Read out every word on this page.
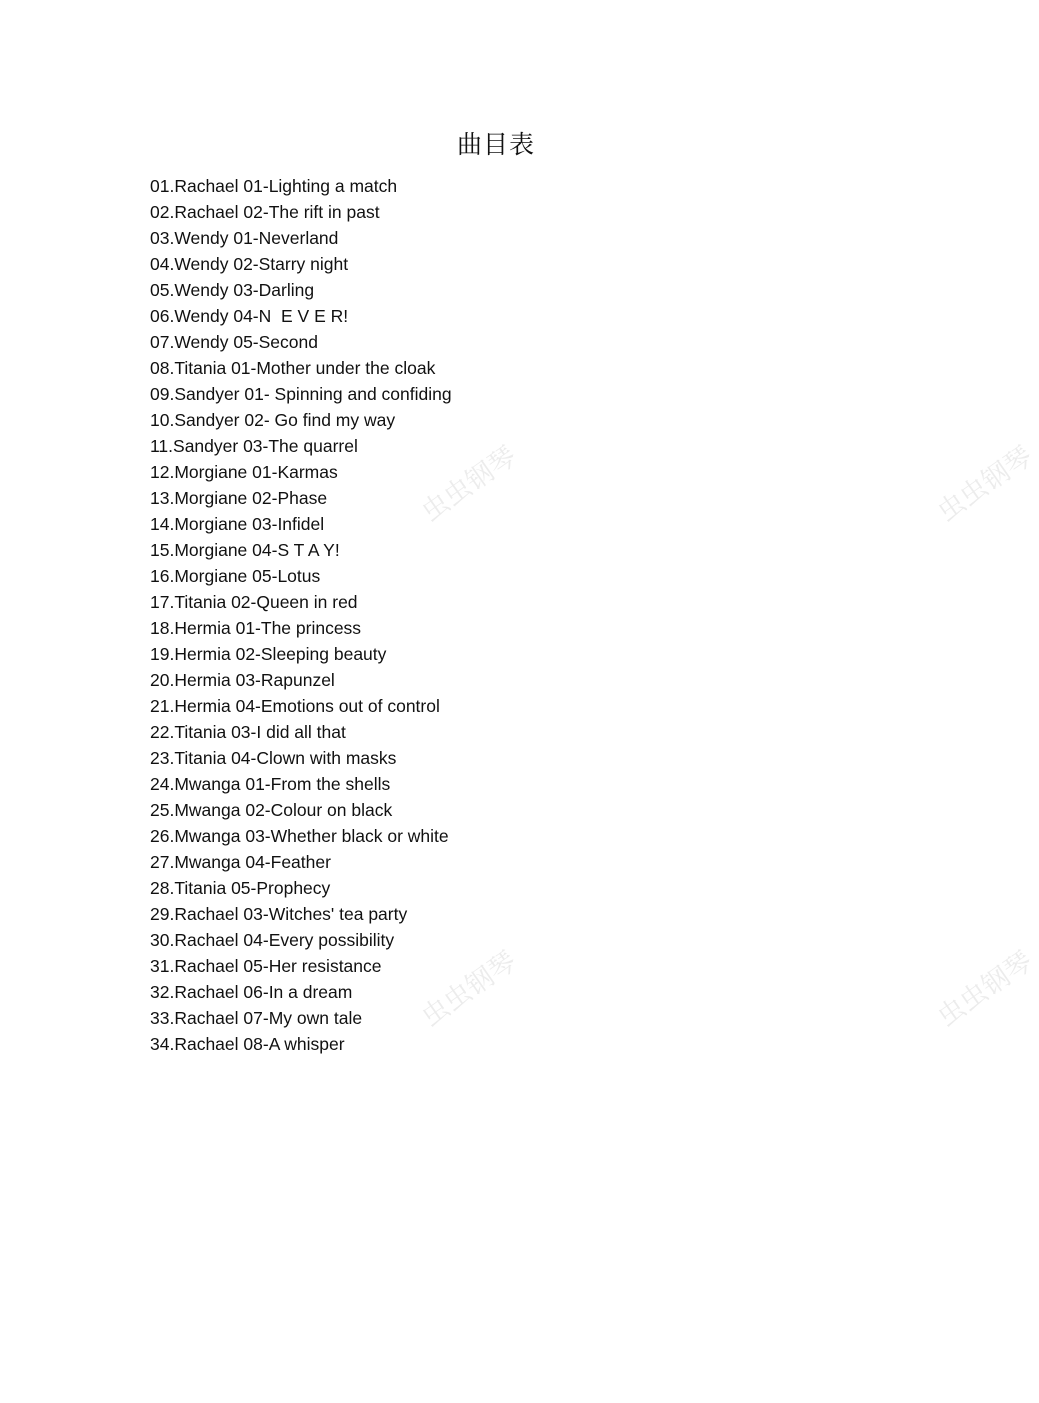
虫虫钢琴	虫虫钢琴
虫虫钢琴	虫虫钢琴
曲目表
01.Rachael 01-Lighting a match
02.Rachael 02-The rift in past
03.Wendy 01-Neverland
04.Wendy 02-Starry night
05.Wendy 03-Darling
06.Wendy 04-N  E V E R!
07.Wendy 05-Second
08.Titania 01-Mother under the cloak
09.Sandyer 01- Spinning and confiding
10.Sandyer 02- Go find my way
11.Sandyer 03-The quarrel
12.Morgiane 01-Karmas
13.Morgiane 02-Phase
14.Morgiane 03-Infidel
15.Morgiane 04-S T A Y!
16.Morgiane 05-Lotus
17.Titania 02-Queen in red
18.Hermia 01-The princess
19.Hermia 02-Sleeping beauty
20.Hermia 03-Rapunzel
21.Hermia 04-Emotions out of control
22.Titania 03-I did all that
23.Titania 04-Clown with masks
24.Mwanga 01-From the shells
25.Mwanga 02-Colour on black
26.Mwanga 03-Whether black or white
27.Mwanga 04-Feather
28.Titania 05-Prophecy
29.Rachael 03-Witches' tea party
30.Rachael 04-Every possibility
31.Rachael 05-Her resistance
32.Rachael 06-In a dream
33.Rachael 07-My own tale
34.Rachael 08-A whisper
